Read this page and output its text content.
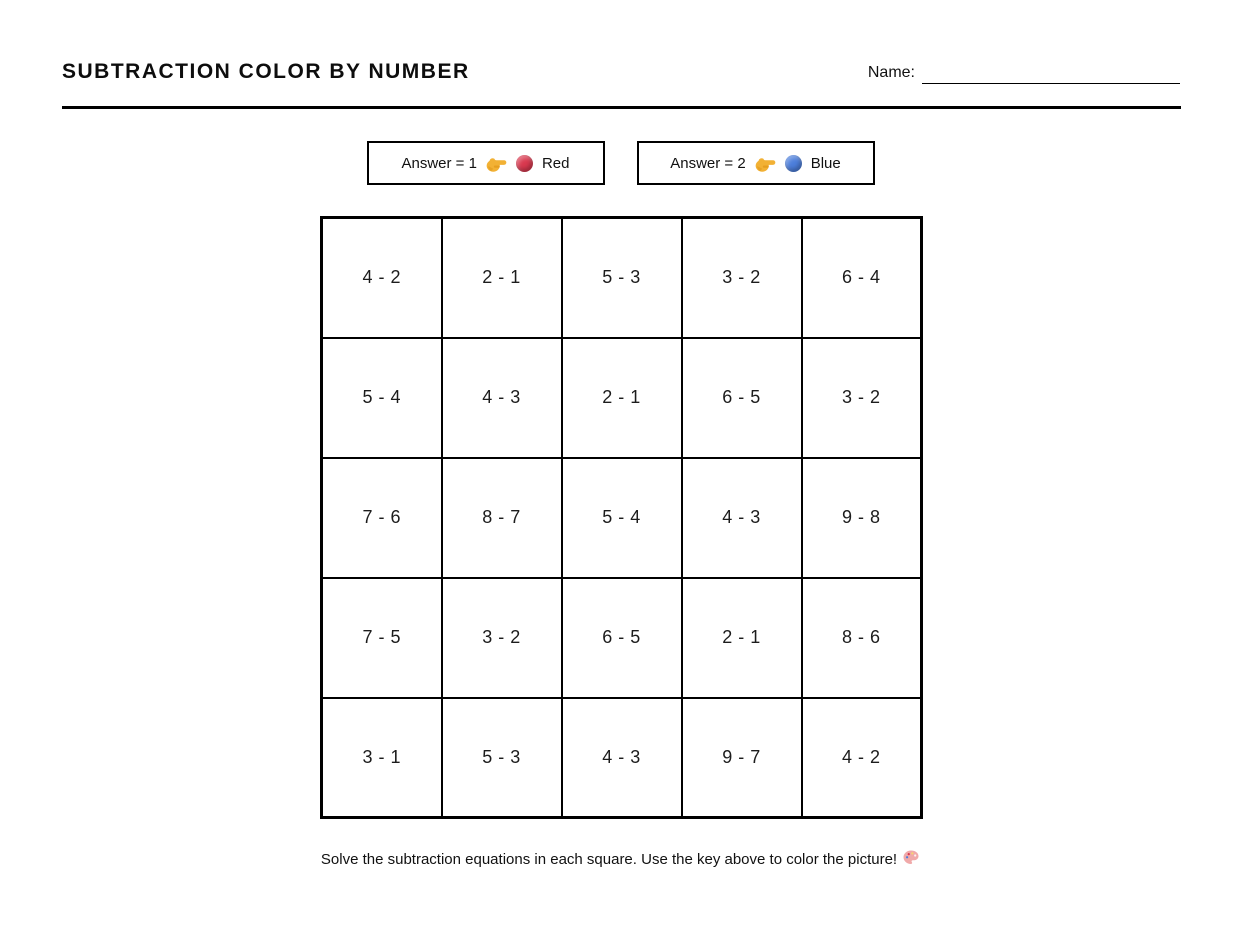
SUBTRACTION COLOR BY NUMBER	Name:
Answer = 1	Red	Answer = 2	Blue
4 - 2	2 - 1	5 - 3	3 - 2	6 - 4
5 - 4	4 - 3	2 - 1	6 - 5	3 - 2
7 - 6	8 - 7	5 - 4	4 - 3	9 - 8
7 - 5	3 - 2	6 - 5	2 - 1	8 - 6
3 - 1	5 - 3	4 - 3	9 - 7	4 - 2
Solve the subtraction equations in each square. Use the key above to color the picture!
